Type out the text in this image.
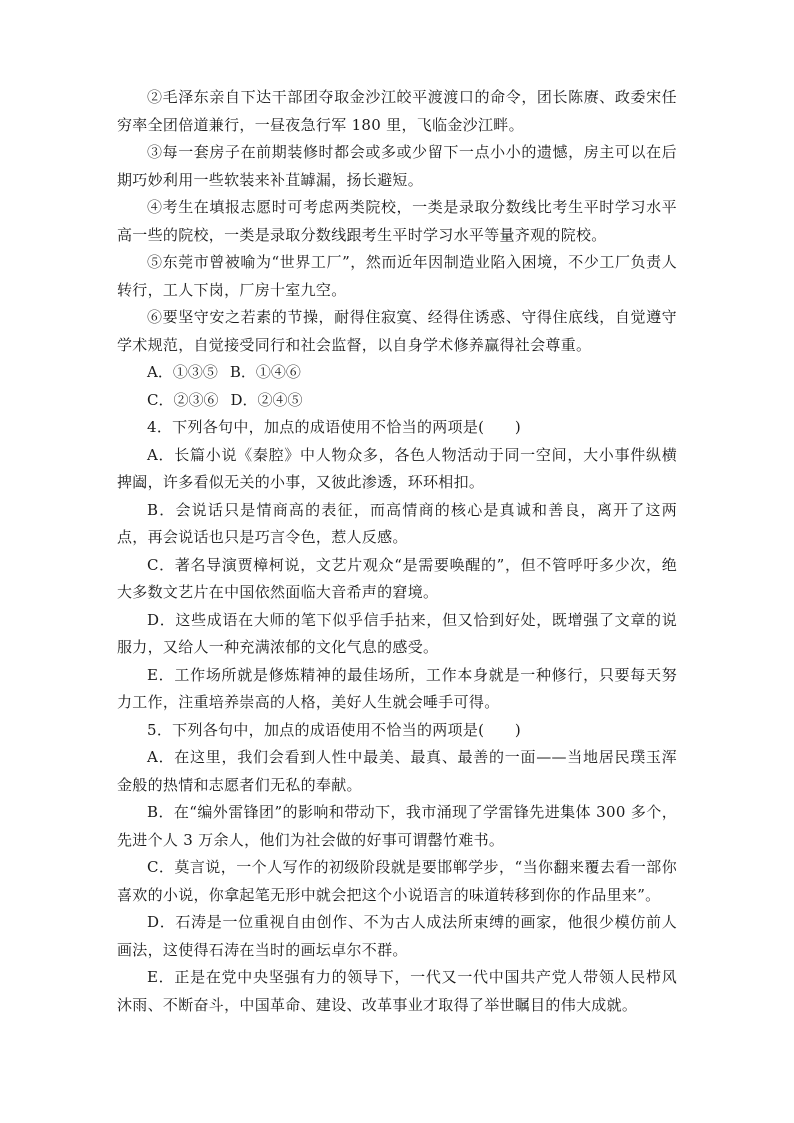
②毛泽东亲自下达干部团夺取金沙江皎平渡渡口的命令，团长陈赓、政委宋任穷率全团倍道兼行，一昼夜急行军 180 里，飞临金沙江畔。

③每一套房子在前期装修时都会或多或少留下一点小小的遗憾，房主可以在后期巧妙利用一些软装来补苴罅漏，扬长避短。

④考生在填报志愿时可考虑两类院校，一类是录取分数线比考生平时学习水平高一些的院校，一类是录取分数线跟考生平时学习水平等量齐观的院校。

⑤东莞市曾被喻为“世界工厂”，然而近年因制造业陷入困境，不少工厂负责人转行，工人下岗，厂房十室九空。

⑥要坚守安之若素的节操，耐得住寂寞、经得住诱惑、守得住底线，自觉遵守学术规范，自觉接受同行和社会监督，以自身学术修养赢得社会尊重。

A．①③⑤ B．①④⑥

C．②③⑥ D．②④⑤

4．下列各句中，加点的成语使用不恰当的两项是(　　)

A．长篇小说《秦腔》中人物众多，各色人物活动于同一空间，大小事件纵横捭阖，许多看似无关的小事，又彼此渗透，环环相扣。

B．会说话只是情商高的表征，而高情商的核心是真诚和善良，离开了这两点，再会说话也只是巧言令色，惹人反感。

C．著名导演贾樟柯说，文艺片观众“是需要唤醒的”，但不管呼吁多少次，绝大多数文艺片在中国依然面临大音希声的窘境。

D．这些成语在大师的笔下似乎信手拈来，但又恰到好处，既增强了文章的说服力，又给人一种充满浓郁的文化气息的感受。

E．工作场所就是修炼精神的最佳场所，工作本身就是一种修行，只要每天努力工作，注重培养崇高的人格，美好人生就会唾手可得。

5．下列各句中，加点的成语使用不恰当的两项是(　　)

A．在这里，我们会看到人性中最美、最真、最善的一面——当地居民璞玉浑金般的热情和志愿者们无私的奉献。

B．在“编外雷锋团”的影响和带动下，我市涌现了学雷锋先进集体 300 多个，先进个人 3 万余人，他们为社会做的好事可谓罄竹难书。

C．莫言说，一个人写作的初级阶段就是要邯郸学步，“当你翻来覆去看一部你喜欢的小说，你拿起笔无形中就会把这个小说语言的味道转移到你的作品里来”。

D．石涛是一位重视自由创作、不为古人成法所束缚的画家，他很少模仿前人画法，这使得石涛在当时的画坛卓尔不群。

E．正是在党中央坚强有力的领导下，一代又一代中国共产党人带领人民栉风沐雨、不断奋斗，中国革命、建设、改革事业才取得了举世瞩目的伟大成就。
